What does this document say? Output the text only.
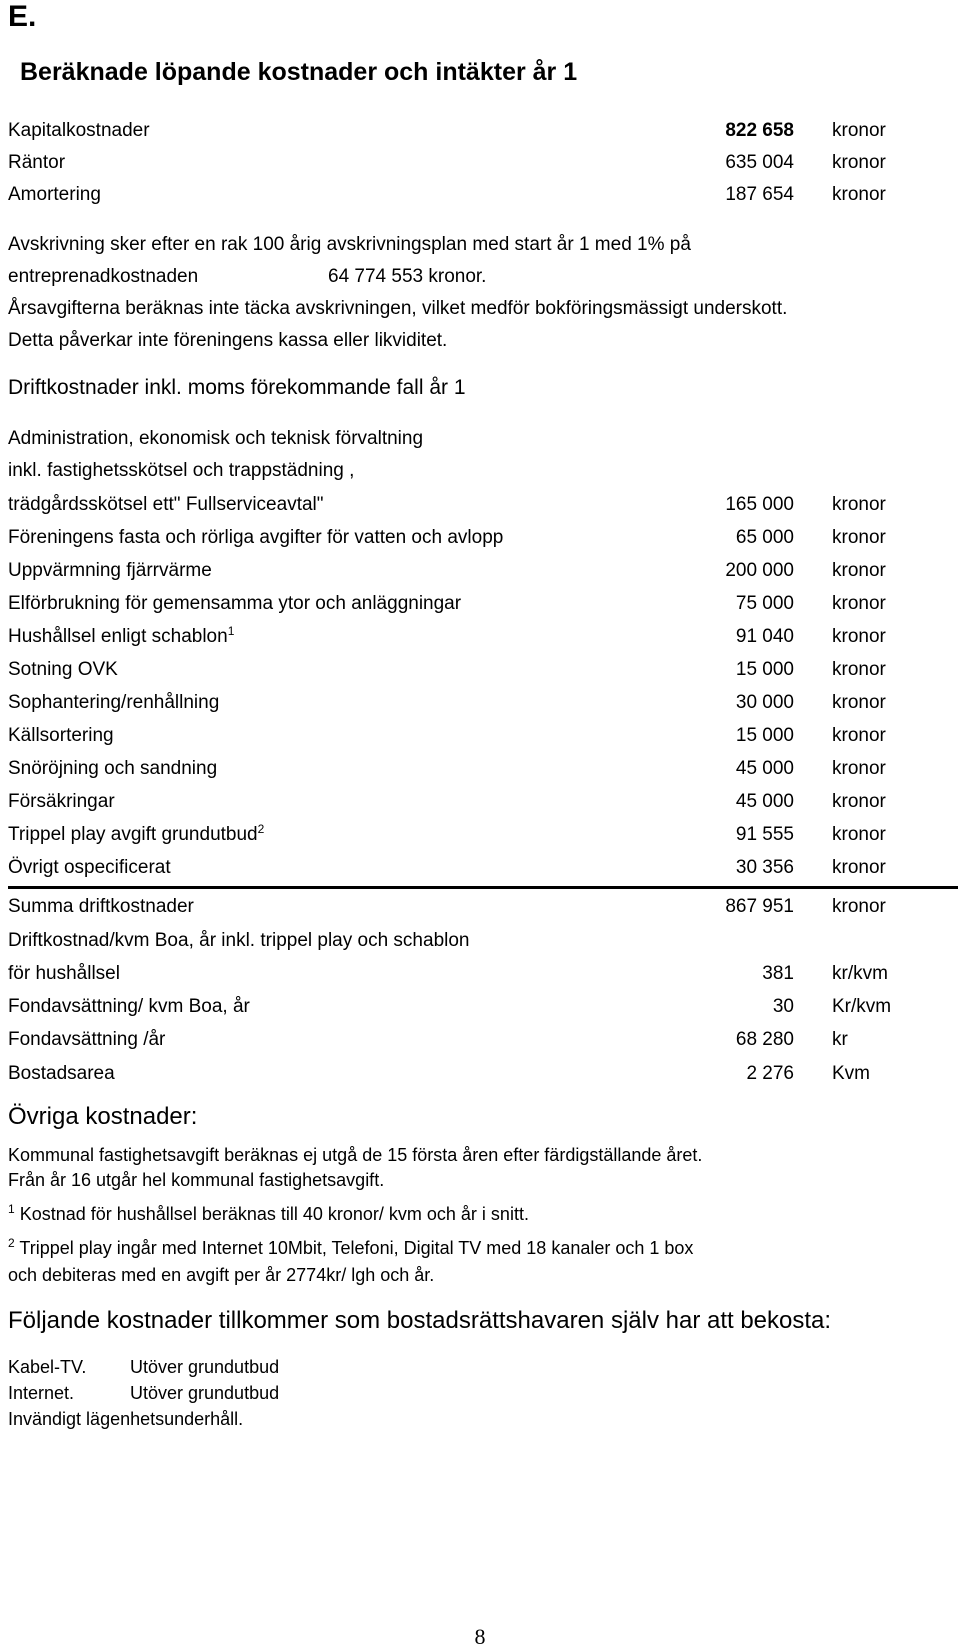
E.
Beräknade löpande kostnader och intäkter år 1
Kapitalkostnader	822 658 kronor
Räntor	635 004 kronor
Amortering	187 654 kronor
Avskrivning sker efter en rak 100 årig avskrivningsplan med start år 1 med 1% på
entreprenadkostnaden	64 774 553 kronor.
Årsavgifterna beräknas inte täcka avskrivningen, vilket medför bokföringsmässigt underskott.
Detta påverkar inte föreningens kassa eller likviditet.
Driftkostnader inkl. moms förekommande fall år 1
Administration, ekonomisk och teknisk förvaltning
inkl. fastighetsskötsel och trappstädning ,
trädgårdsskötsel ett" Fullserviceavtal"	165 000 kronor
Föreningens fasta och rörliga avgifter för vatten och avlopp	65 000 kronor
Uppvärmning fjärrvärme	200 000 kronor
Elförbrukning för gemensamma ytor och anläggningar	75 000 kronor
Hushållsel enligt schablon$^1$	91 040 kronor
Sotning OVK	15 000 kronor
Sophantering/renhållning	30 000 kronor
Källsortering	15 000 kronor
Snöröjning och sandning	45 000 kronor
Försäkringar	45 000 kronor
Trippel play avgift grundutbud$^2$	91 555 kronor
Övrigt ospecificerat	30 356 kronor
Summa driftkostnader	867 951 kronor
Driftkostnad/kvm Boa, år inkl. trippel play och schablon
för hushållsel	381 kr/kvm
Fondavsättning/ kvm Boa, år	30 Kr/kvm
Fondavsättning /år	68 280 kr
Bostadsarea	2 276 Kvm
Övriga kostnader:
Kommunal fastighetsavgift beräknas ej utgå de 15 första åren efter färdigställande året.
Från år 16 utgår hel kommunal fastighetsavgift.
$^1$ Kostnad för hushållsel beräknas till 40 kronor/ kvm och år i snitt.
$^2$ Trippel play ingår med Internet 10Mbit, Telefoni, Digital TV med 18 kanaler och 1 box
och debiteras med en avgift per år 2774kr/ lgh och år.
Följande kostnader tillkommer som bostadsrättshavaren själv har att bekosta:
Kabel-TV. Utöver grundutbud
Internet.	Utöver grundutbud
Invändigt lägenhetsunderhåll.
8
